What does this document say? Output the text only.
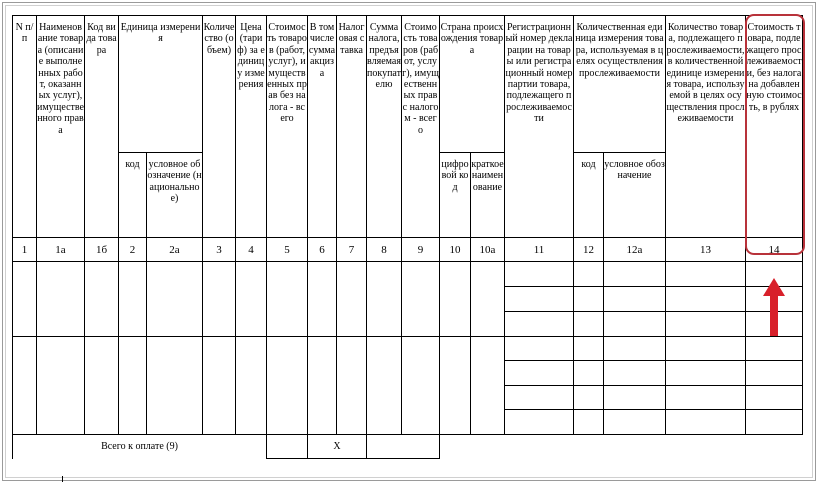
N п/п	Наименование товара (описание выполненных работ, оказанных услуг), имущественного права	Код вида товара	Единица измерения		Количество (объем)	Цена (тариф) за единицу измерения	Стоимость товаров (работ, услуг), имущественных прав без налога - всего	В том числе сумма акциза	Налоговая ставка	Сумма налога, предъявляемая покупателю	Стоимость товаров (работ, услуг), имущественных прав с налогом - всего	Страна происхождения товара		Регистрационный номер декларации на товары или регистрационный номер партии товара, подлежащего прослеживаемости	Количественная единица измерения товара, используемая в целях осуществления прослеживаемости		Количество товара, подлежащего прослеживаемости, в количественной единице измерения товара, используемой в целях осуществления прослеживаемости	Стоимость товара, подлежащего прослеживаемости, без налога на добавленную стоимость, в рублях
			код	условное обозначение (национальное)								цифровой код	краткое наименование		код	условное обозначение		
1	1а	1б	2	2а	3	4	5	6	7	8	9	10	10а	11	12	12а	13	14

Всего к оплате (9)								X										
